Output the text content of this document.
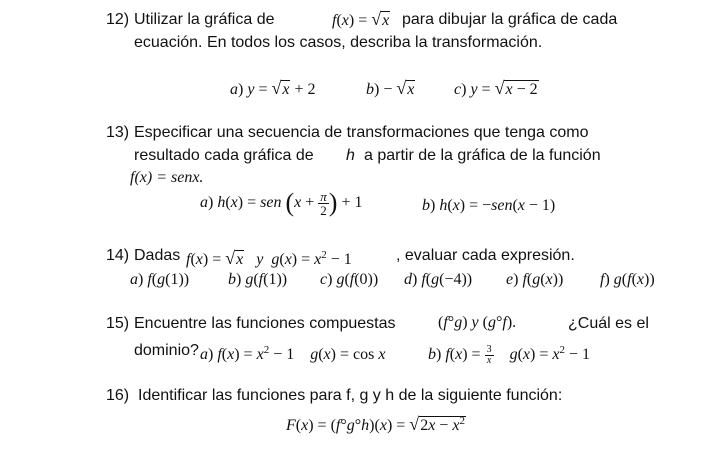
12) Utilizar la gráfica de	f(x) = √x para dibujar la gráfica de cada
ecuación. En todos los casos, describa la transformación.
a) y = √x + 2	b) − √x c) y = √x − 2
13) Especificar una secuencia de transformaciones que tenga como
resultado cada gráfica de h a partir de la gráfica de la función
f(x) = senx.
a) h(x) = sen ($x + \frac{\pi}{2}$ ) + 1	b) h(x) = −sen(x − 1)
14) Dadas f(x) = √x y $g(x) = x^2 - 1$	, evaluar cada expresión.
a) f(g(1)) b) g(f(1)) c) g(f(0)) d) f(g(−4)) e) f(g(x)) f) g(f(x))
15) Encuentre las funciones compuestas	(f°g) y (g°f).	¿Cuál es el
dominio? a) $f(x) = x^2 - 1$    g(x) = cos x	b) $f(x) = \frac{3}{x} g(x) = x^2 - 1$
16) Identificar las funciones para f, g y h de la siguiente función:
$F(x) = (f^\circ g^\circ h)(x) = √2x - x^2$
